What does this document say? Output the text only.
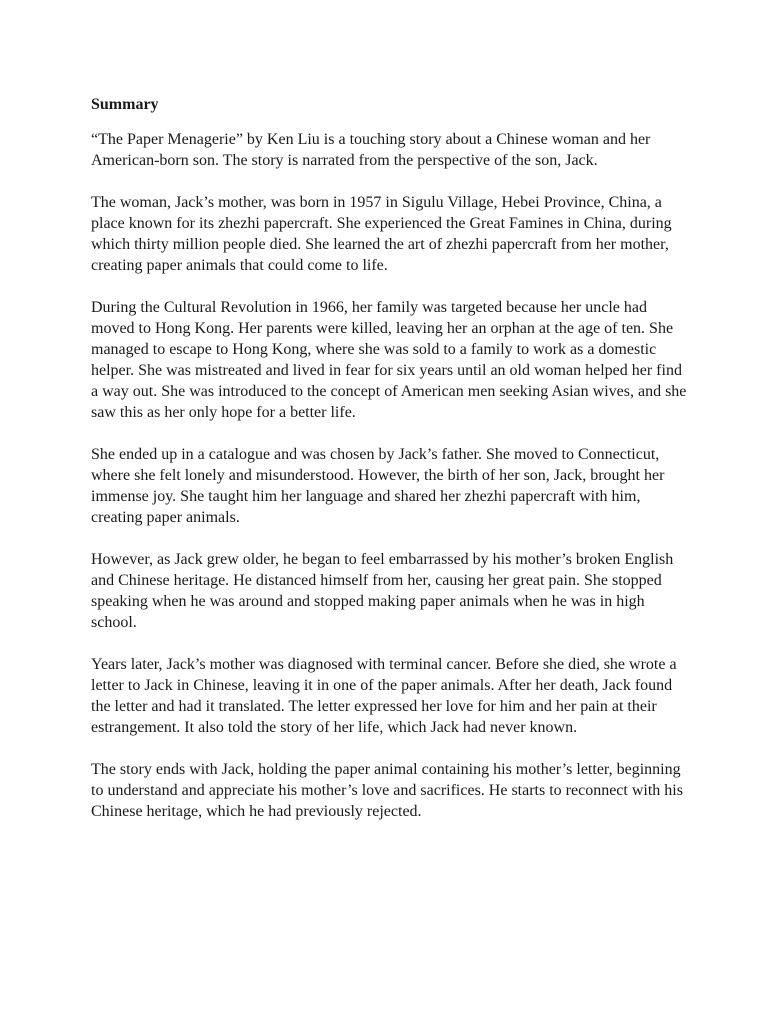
Summary

“The Paper Menagerie” by Ken Liu is a touching story about a Chinese woman and her American-born son. The story is narrated from the perspective of the son, Jack.

The woman, Jack’s mother, was born in 1957 in Sigulu Village, Hebei Province, China, a place known for its zhezhi papercraft. She experienced the Great Famines in China, during which thirty million people died. She learned the art of zhezhi papercraft from her mother, creating paper animals that could come to life.

During the Cultural Revolution in 1966, her family was targeted because her uncle had moved to Hong Kong. Her parents were killed, leaving her an orphan at the age of ten. She managed to escape to Hong Kong, where she was sold to a family to work as a domestic helper. She was mistreated and lived in fear for six years until an old woman helped her find a way out. She was introduced to the concept of American men seeking Asian wives, and she saw this as her only hope for a better life.

She ended up in a catalogue and was chosen by Jack’s father. She moved to Connecticut, where she felt lonely and misunderstood. However, the birth of her son, Jack, brought her immense joy. She taught him her language and shared her zhezhi papercraft with him, creating paper animals.

However, as Jack grew older, he began to feel embarrassed by his mother’s broken English and Chinese heritage. He distanced himself from her, causing her great pain. She stopped speaking when he was around and stopped making paper animals when he was in high school.

Years later, Jack’s mother was diagnosed with terminal cancer. Before she died, she wrote a letter to Jack in Chinese, leaving it in one of the paper animals. After her death, Jack found the letter and had it translated. The letter expressed her love for him and her pain at their estrangement. It also told the story of her life, which Jack had never known.

The story ends with Jack, holding the paper animal containing his mother’s letter, beginning to understand and appreciate his mother’s love and sacrifices. He starts to reconnect with his Chinese heritage, which he had previously rejected.
